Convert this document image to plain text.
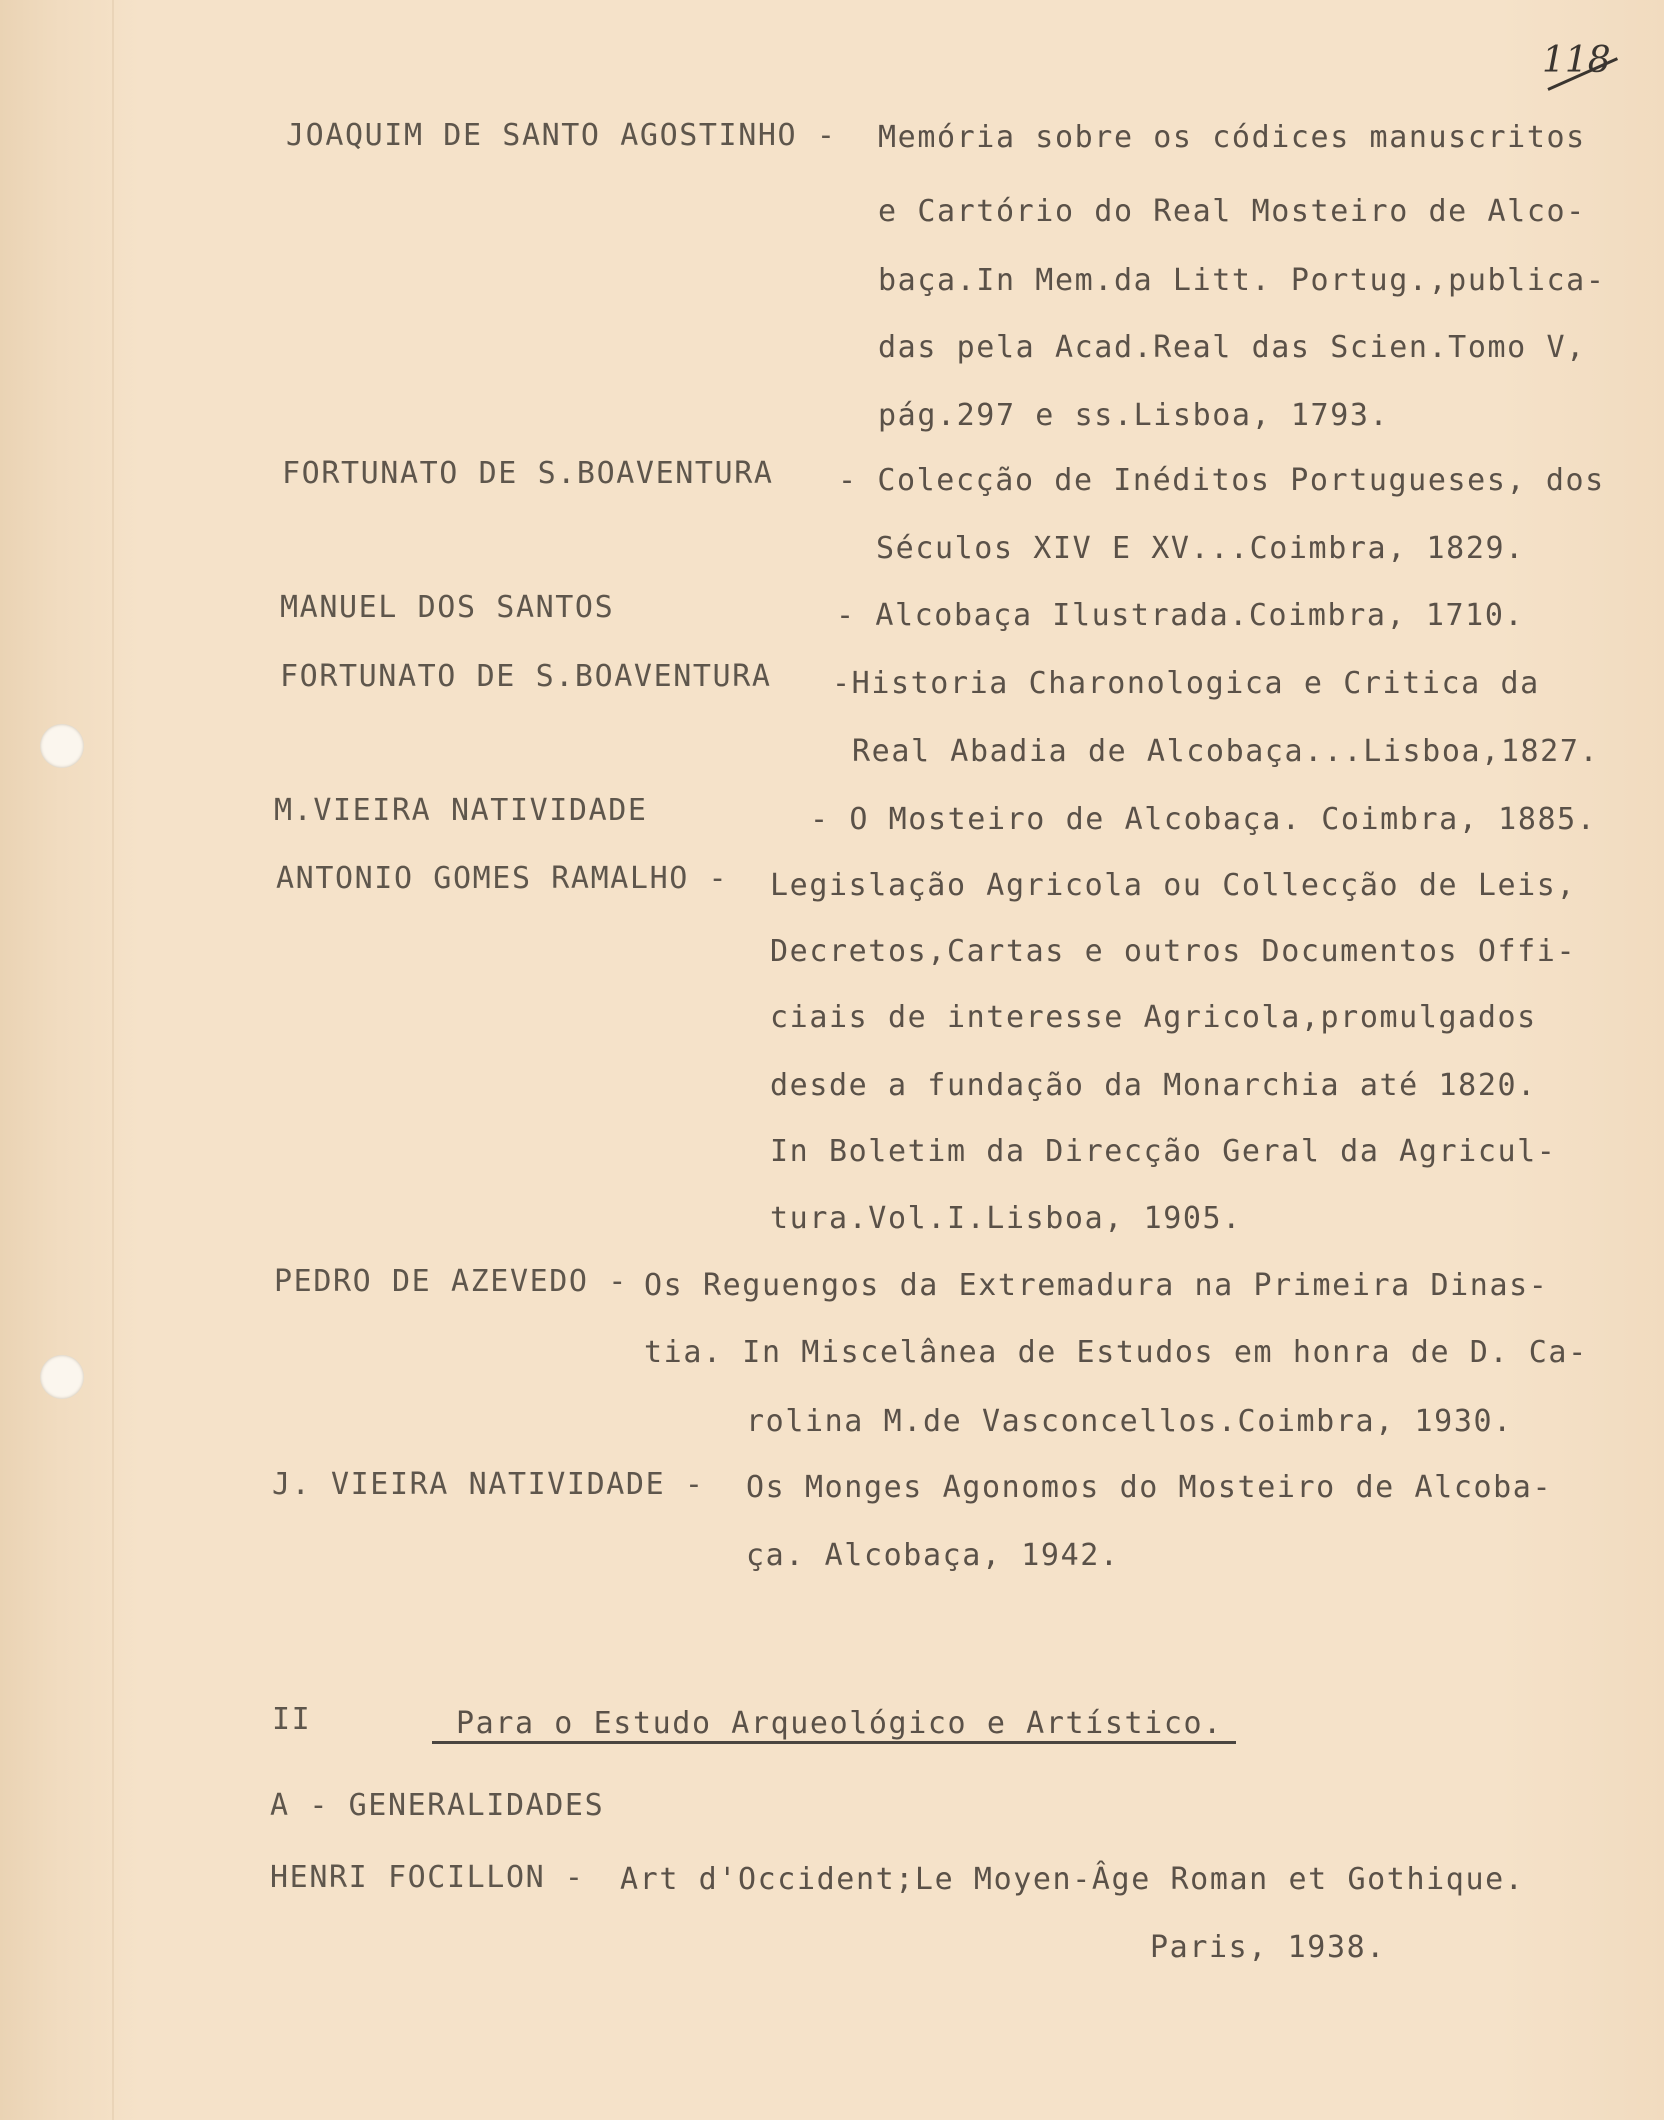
118
JOAQUIM DE SANTO AGOSTINHO - Memória sobre os códices manuscritos
e Cartório do Real Mosteiro de Alco-
baça.In Mem.da Litt. Portug.,publica-
das pela Acad.Real das Scien.Tomo V,
pág.297 e ss.Lisboa, 1793.
FORTUNATO DE S.BOAVENTURA - Colecção de Inéditos Portugueses, dos
Séculos XIV E XV...Coimbra, 1829.
MANUEL DOS SANTOS	- Alcobaça Ilustrada.Coimbra, 1710.
FORTUNATO DE S.BOAVENTURA -Historia Charonologica e Critica da
Real Abadia de Alcobaça...Lisboa,1827.
M.VIEIRA NATIVIDADE	- O Mosteiro de Alcobaça. Coimbra, 1885.
ANTONIO GOMES RAMALHO - Legislação Agricola ou Collecção de Leis,
Decretos,Cartas e outros Documentos Offi-
ciais de interesse Agricola,promulgados
desde a fundação da Monarchia até 1820.
In Boletim da Direcção Geral da Agricul-
tura.Vol.I.Lisboa, 1905.
PEDRO DE AZEVEDO - Os Reguengos da Extremadura na Primeira Dinas-
tia. In Miscelânea de Estudos em honra de D. Ca-
rolina M.de Vasconcellos.Coimbra, 1930.
J. VIEIRA NATIVIDADE - Os Monges Agonomos do Mosteiro de Alcoba-
ça. Alcobaça, 1942.
II	Para o Estudo Arqueológico e Artístico.
A - GENERALIDADES
HENRI FOCILLON - Art d'Occident;Le Moyen-Âge Roman et Gothique.
Paris, 1938.
